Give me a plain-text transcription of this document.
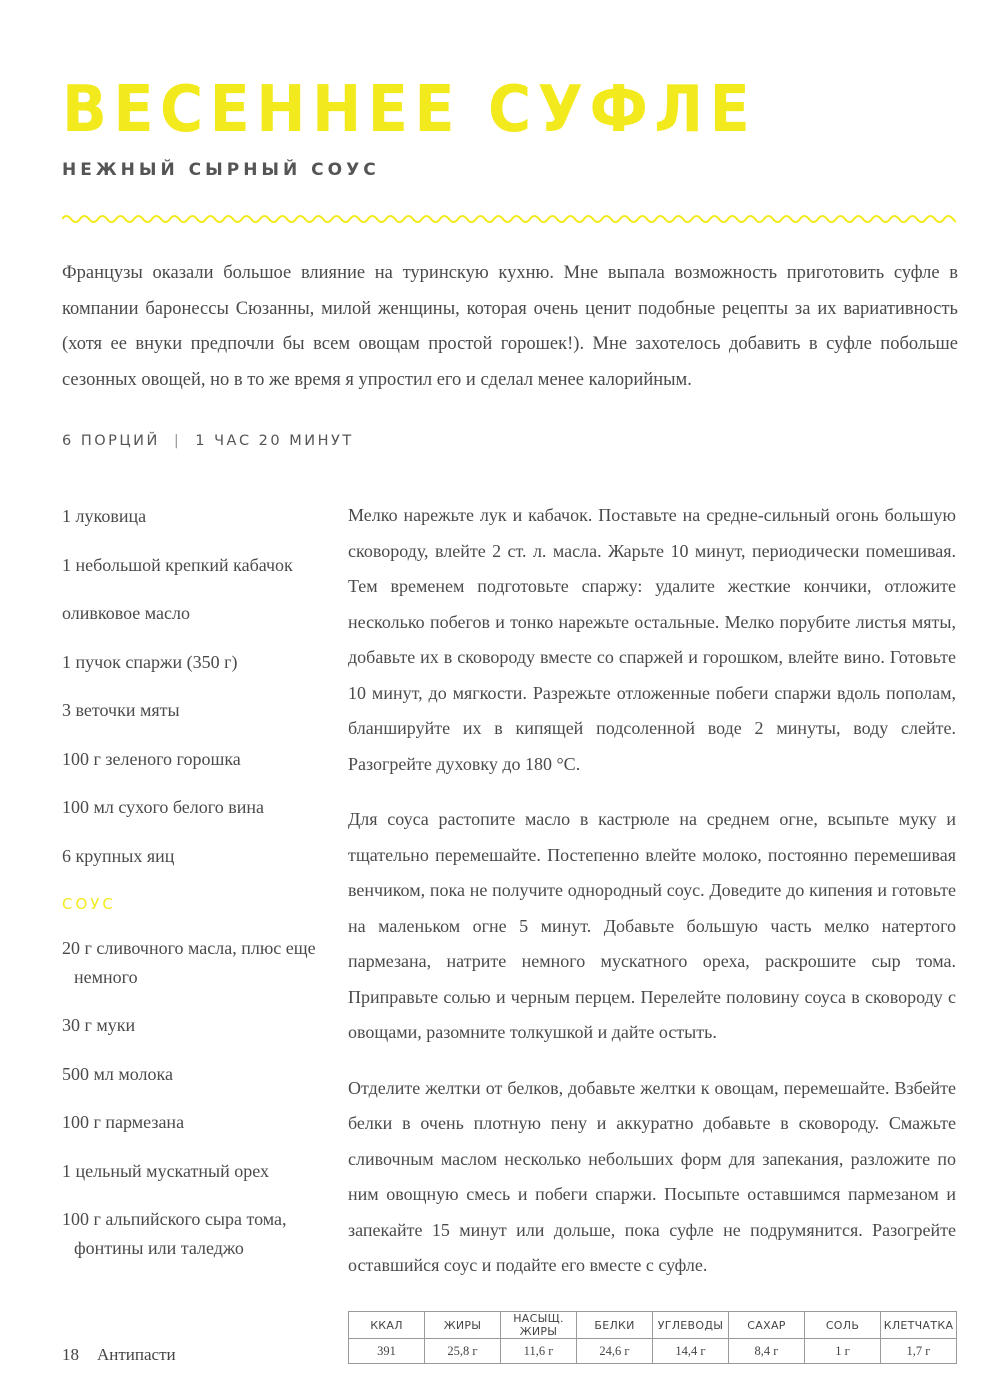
ВЕСЕННЕЕ СУФЛЕ
НЕЖНЫЙ СЫРНЫЙ СОУС

Французы оказали большое влияние на туринскую кухню. Мне выпала возможность приготовить суфле в компании баронессы Сюзанны, милой женщины, которая очень ценит подобные рецепты за их вариативность (хотя ее внуки предпочли бы всем овощам простой горошек!). Мне захотелось добавить в суфле побольше сезонных овощей, но в то же время я упростил его и сделал менее калорийным.

6 ПОРЦИЙ | 1 ЧАС 20 МИНУТ
1 луковица
1 небольшой крепкий кабачок
оливковое масло
1 пучок спаржи (350 г)
3 веточки мяты
100 г зеленого горошка
100 мл сухого белого вина
6 крупных яиц
СОУС
20 г сливочного масла, плюс еще немного
30 г муки
500 мл молока
100 г пармезана
1 цельный мускатный орех
100 г альпийского сыра тома, фонтины или таледжо

Мелко нарежьте лук и кабачок. Поставьте на средне-сильный огонь большую сковороду, влейте 2 ст. л. масла. Жарьте 10 минут, периодически помешивая. Тем временем подготовьте спаржу: удалите жесткие кончики, отложите несколько побегов и тонко нарежьте остальные. Мелко порубите листья мяты, добавьте их в сковороду вместе со спаржей и горошком, влейте вино. Готовьте 10 минут, до мягкости. Разрежьте отложенные побеги спаржи вдоль пополам, бланшируйте их в кипящей подсоленной воде 2 минуты, воду слейте. Разогрейте духовку до 180 °C.

Для соуса растопите масло в кастрюле на среднем огне, всыпьте муку и тщательно перемешайте. Постепенно влейте молоко, постоянно перемешивая венчиком, пока не получите однородный соус. Доведите до кипения и готовьте на маленьком огне 5 минут. Добавьте большую часть мелко натертого пармезана, натрите немного мускатного ореха, раскрошите сыр тома. Приправьте солью и черным перцем. Перелейте половину соуса в сковороду с овощами, разомните толкушкой и дайте остыть.

Отделите желтки от белков, добавьте желтки к овощам, перемешайте. Взбейте белки в очень плотную пену и аккуратно добавьте в сковороду. Смажьте сливочным маслом несколько небольших форм для запекания, разложите по ним овощную смесь и побеги спаржи. Посыпьте оставшимся пармезаном и запекайте 15 минут или дольше, пока суфле не подрумянится. Разогрейте оставшийся соус и подайте его вместе с суфле.

ККАЛ	ЖИРЫ	НАСЫЩ. ЖИРЫ	БЕЛКИ	УГЛЕВОДЫ	САХАР	СОЛЬ	КЛЕТЧАТКА
391	25,8 г	11,6 г	24,6 г	14,4 г	8,4 г	1 г	1,7 г
18 Антипасти
